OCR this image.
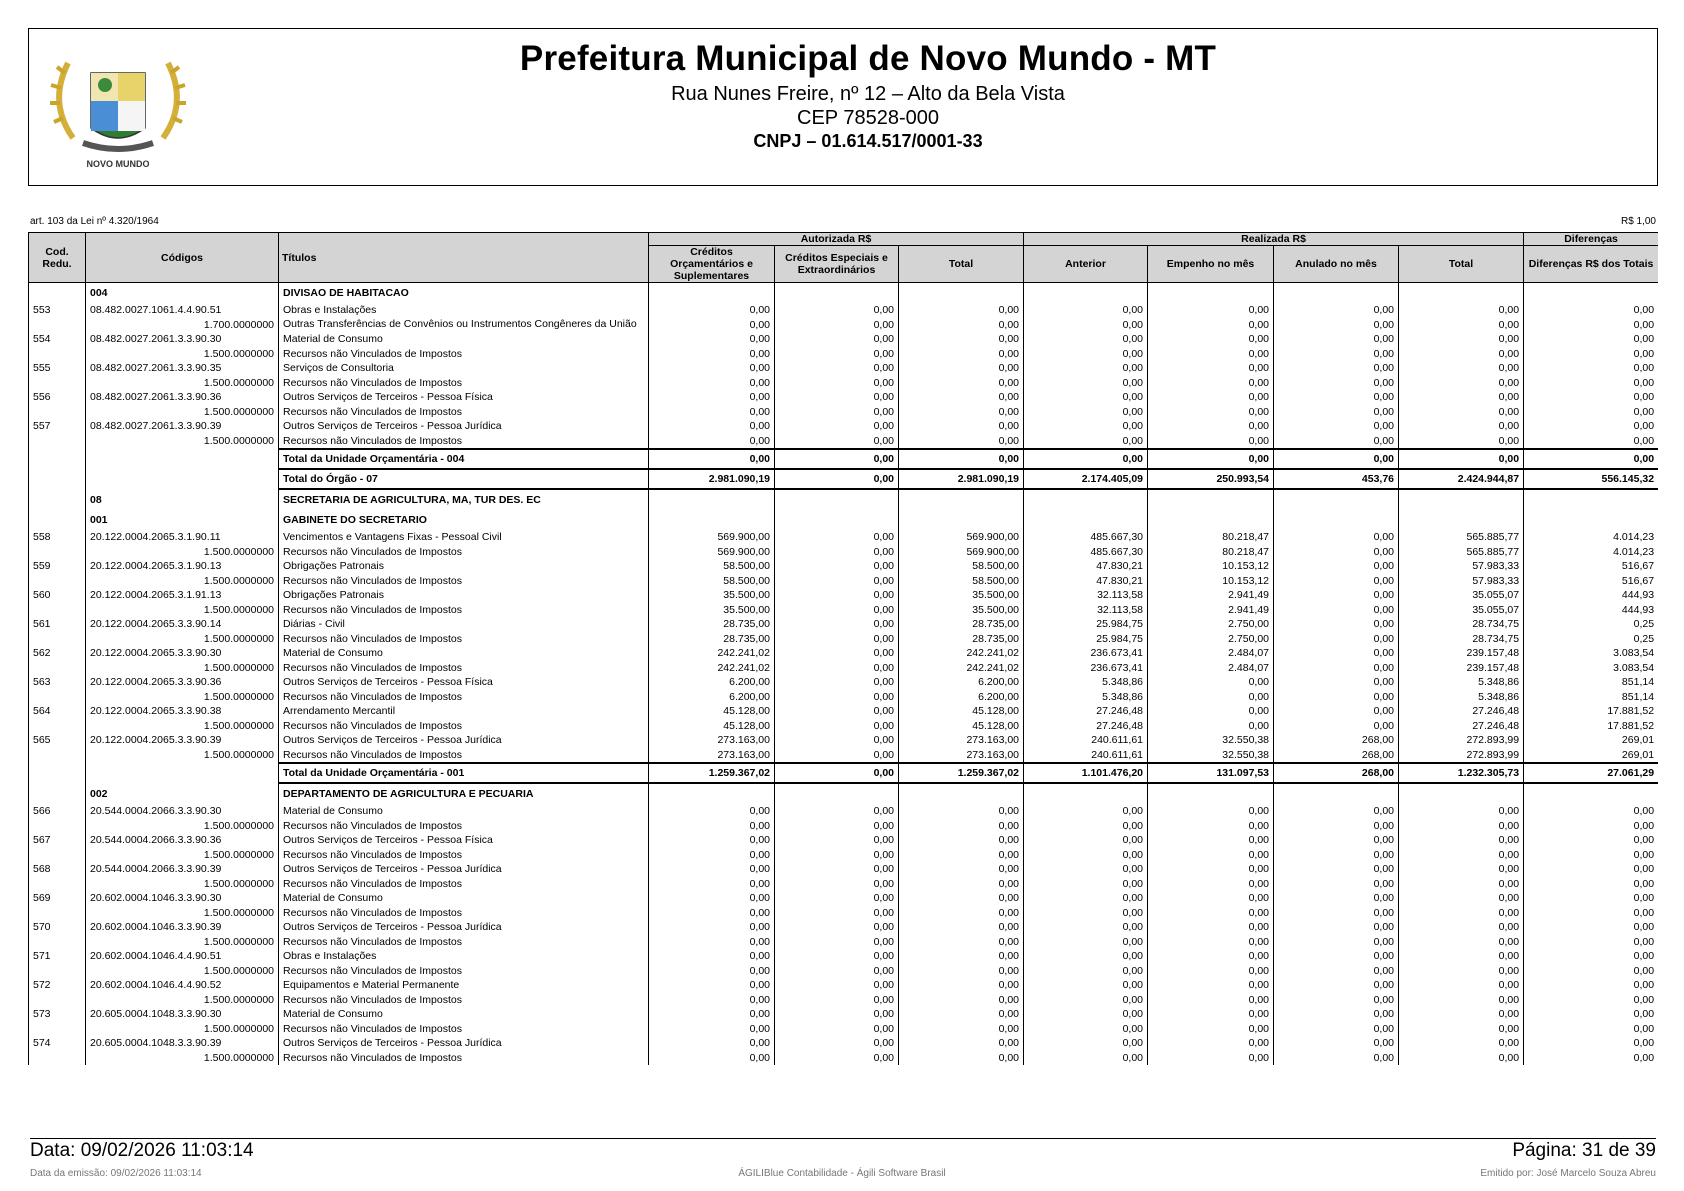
NOVO MUNDO
Prefeitura Municipal de Novo Mundo - MT
Rua Nunes Freire, nº 12 – Alto da Bela Vista
CEP 78528-000
CNPJ – 01.614.517/0001-33
art. 103 da Lei nº 4.320/1964	R$ 1,00
Cod. Redu.	Códigos	Títulos	Autorizada R$			Realizada R$				Diferenças
			Créditos Orçamentários e Suplementares	Créditos Especiais e Extraordinários	Total	Anterior	Empenho no mês	Anulado no mês	Total	Diferenças R$ dos Totais
	004	DIVISAO DE HABITACAO								
553	08.482.0027.1061.4.4.90.51	Obras e Instalações	0,00	0,00	0,00	0,00	0,00	0,00	0,00	0,00
	1.700.0000000	Outras Transferências de Convênios ou Instrumentos Congêneres da União	0,00	0,00	0,00	0,00	0,00	0,00	0,00	0,00
554	08.482.0027.2061.3.3.90.30	Material de Consumo	0,00	0,00	0,00	0,00	0,00	0,00	0,00	0,00
	1.500.0000000	Recursos não Vinculados de Impostos	0,00	0,00	0,00	0,00	0,00	0,00	0,00	0,00
555	08.482.0027.2061.3.3.90.35	Serviços de Consultoria	0,00	0,00	0,00	0,00	0,00	0,00	0,00	0,00
	1.500.0000000	Recursos não Vinculados de Impostos	0,00	0,00	0,00	0,00	0,00	0,00	0,00	0,00
556	08.482.0027.2061.3.3.90.36	Outros Serviços de Terceiros - Pessoa Física	0,00	0,00	0,00	0,00	0,00	0,00	0,00	0,00
	1.500.0000000	Recursos não Vinculados de Impostos	0,00	0,00	0,00	0,00	0,00	0,00	0,00	0,00
557	08.482.0027.2061.3.3.90.39	Outros Serviços de Terceiros - Pessoa Jurídica	0,00	0,00	0,00	0,00	0,00	0,00	0,00	0,00
	1.500.0000000	Recursos não Vinculados de Impostos	0,00	0,00	0,00	0,00	0,00	0,00	0,00	0,00
		Total da Unidade Orçamentária - 004	0,00	0,00	0,00	0,00	0,00	0,00	0,00	0,00
		Total do Órgão - 07	2.981.090,19	0,00	2.981.090,19	2.174.405,09	250.993,54	453,76	2.424.944,87	556.145,32
	08	SECRETARIA DE AGRICULTURA, MA, TUR DES. EC								
	001	GABINETE DO SECRETARIO								
558	20.122.0004.2065.3.1.90.11	Vencimentos e Vantagens Fixas - Pessoal Civil	569.900,00	0,00	569.900,00	485.667,30	80.218,47	0,00	565.885,77	4.014,23
	1.500.0000000	Recursos não Vinculados de Impostos	569.900,00	0,00	569.900,00	485.667,30	80.218,47	0,00	565.885,77	4.014,23
559	20.122.0004.2065.3.1.90.13	Obrigações Patronais	58.500,00	0,00	58.500,00	47.830,21	10.153,12	0,00	57.983,33	516,67
	1.500.0000000	Recursos não Vinculados de Impostos	58.500,00	0,00	58.500,00	47.830,21	10.153,12	0,00	57.983,33	516,67
560	20.122.0004.2065.3.1.91.13	Obrigações Patronais	35.500,00	0,00	35.500,00	32.113,58	2.941,49	0,00	35.055,07	444,93
	1.500.0000000	Recursos não Vinculados de Impostos	35.500,00	0,00	35.500,00	32.113,58	2.941,49	0,00	35.055,07	444,93
561	20.122.0004.2065.3.3.90.14	Diárias - Civil	28.735,00	0,00	28.735,00	25.984,75	2.750,00	0,00	28.734,75	0,25
	1.500.0000000	Recursos não Vinculados de Impostos	28.735,00	0,00	28.735,00	25.984,75	2.750,00	0,00	28.734,75	0,25
562	20.122.0004.2065.3.3.90.30	Material de Consumo	242.241,02	0,00	242.241,02	236.673,41	2.484,07	0,00	239.157,48	3.083,54
	1.500.0000000	Recursos não Vinculados de Impostos	242.241,02	0,00	242.241,02	236.673,41	2.484,07	0,00	239.157,48	3.083,54
563	20.122.0004.2065.3.3.90.36	Outros Serviços de Terceiros - Pessoa Física	6.200,00	0,00	6.200,00	5.348,86	0,00	0,00	5.348,86	851,14
	1.500.0000000	Recursos não Vinculados de Impostos	6.200,00	0,00	6.200,00	5.348,86	0,00	0,00	5.348,86	851,14
564	20.122.0004.2065.3.3.90.38	Arrendamento Mercantil	45.128,00	0,00	45.128,00	27.246,48	0,00	0,00	27.246,48	17.881,52
	1.500.0000000	Recursos não Vinculados de Impostos	45.128,00	0,00	45.128,00	27.246,48	0,00	0,00	27.246,48	17.881,52
565	20.122.0004.2065.3.3.90.39	Outros Serviços de Terceiros - Pessoa Jurídica	273.163,00	0,00	273.163,00	240.611,61	32.550,38	268,00	272.893,99	269,01
	1.500.0000000	Recursos não Vinculados de Impostos	273.163,00	0,00	273.163,00	240.611,61	32.550,38	268,00	272.893,99	269,01
		Total da Unidade Orçamentária - 001	1.259.367,02	0,00	1.259.367,02	1.101.476,20	131.097,53	268,00	1.232.305,73	27.061,29
	002	DEPARTAMENTO DE AGRICULTURA E PECUARIA								
566	20.544.0004.2066.3.3.90.30	Material de Consumo	0,00	0,00	0,00	0,00	0,00	0,00	0,00	0,00
	1.500.0000000	Recursos não Vinculados de Impostos	0,00	0,00	0,00	0,00	0,00	0,00	0,00	0,00
567	20.544.0004.2066.3.3.90.36	Outros Serviços de Terceiros - Pessoa Física	0,00	0,00	0,00	0,00	0,00	0,00	0,00	0,00
	1.500.0000000	Recursos não Vinculados de Impostos	0,00	0,00	0,00	0,00	0,00	0,00	0,00	0,00
568	20.544.0004.2066.3.3.90.39	Outros Serviços de Terceiros - Pessoa Jurídica	0,00	0,00	0,00	0,00	0,00	0,00	0,00	0,00
	1.500.0000000	Recursos não Vinculados de Impostos	0,00	0,00	0,00	0,00	0,00	0,00	0,00	0,00
569	20.602.0004.1046.3.3.90.30	Material de Consumo	0,00	0,00	0,00	0,00	0,00	0,00	0,00	0,00
	1.500.0000000	Recursos não Vinculados de Impostos	0,00	0,00	0,00	0,00	0,00	0,00	0,00	0,00
570	20.602.0004.1046.3.3.90.39	Outros Serviços de Terceiros - Pessoa Jurídica	0,00	0,00	0,00	0,00	0,00	0,00	0,00	0,00
	1.500.0000000	Recursos não Vinculados de Impostos	0,00	0,00	0,00	0,00	0,00	0,00	0,00	0,00
571	20.602.0004.1046.4.4.90.51	Obras e Instalações	0,00	0,00	0,00	0,00	0,00	0,00	0,00	0,00
	1.500.0000000	Recursos não Vinculados de Impostos	0,00	0,00	0,00	0,00	0,00	0,00	0,00	0,00
572	20.602.0004.1046.4.4.90.52	Equipamentos e Material Permanente	0,00	0,00	0,00	0,00	0,00	0,00	0,00	0,00
	1.500.0000000	Recursos não Vinculados de Impostos	0,00	0,00	0,00	0,00	0,00	0,00	0,00	0,00
573	20.605.0004.1048.3.3.90.30	Material de Consumo	0,00	0,00	0,00	0,00	0,00	0,00	0,00	0,00
	1.500.0000000	Recursos não Vinculados de Impostos	0,00	0,00	0,00	0,00	0,00	0,00	0,00	0,00
574	20.605.0004.1048.3.3.90.39	Outros Serviços de Terceiros - Pessoa Jurídica	0,00	0,00	0,00	0,00	0,00	0,00	0,00	0,00
	1.500.0000000	Recursos não Vinculados de Impostos	0,00	0,00	0,00	0,00	0,00	0,00	0,00	0,00
Data: 09/02/2026 11:03:14	Página: 31 de 39
Data da emissão: 09/02/2026 11:03:14	ÁGILIBlue Contabilidade - Ágili Software Brasil	Emitido por: José Marcelo Souza Abreu
